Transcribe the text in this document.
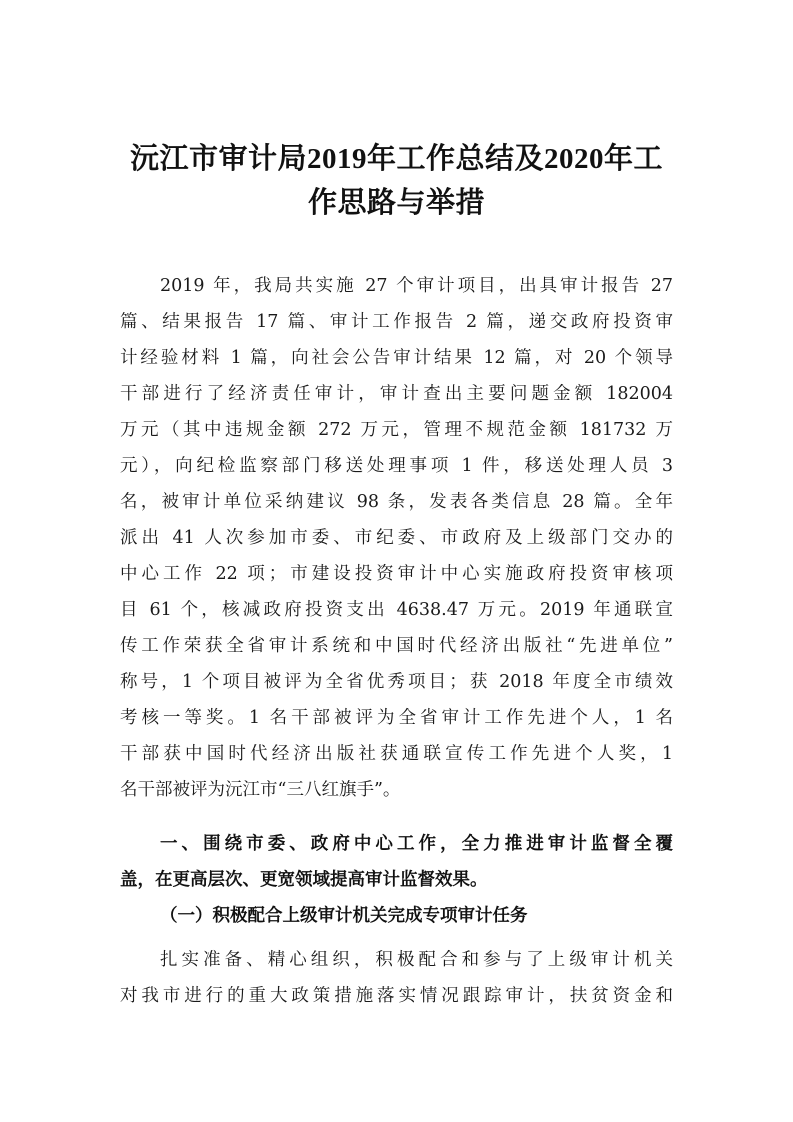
沅江市审计局2019年工作总结及2020年工
作思路与举措
2019 年，我局共实施 27 个审计项目，出具审计报告 27
篇、结果报告 17 篇、审计工作报告 2 篇，递交政府投资审
计经验材料 1 篇，向社会公告审计结果 12 篇，对 20 个领导
干部进行了经济责任审计，审计查出主要问题金额 182004
万元（其中违规金额 272 万元，管理不规范金额 181732 万
元），向纪检监察部门移送处理事项 1 件，移送处理人员 3
名，被审计单位采纳建议 98 条，发表各类信息 28 篇。全年
派出 41 人次参加市委、市纪委、市政府及上级部门交办的
中心工作 22 项；市建设投资审计中心实施政府投资审核项
目 61 个，核减政府投资支出 4638.47 万元。2019 年通联宣
传工作荣获全省审计系统和中国时代经济出版社“先进单位”
称号，1 个项目被评为全省优秀项目；获 2018 年度全市绩效
考核一等奖。1 名干部被评为全省审计工作先进个人，1 名
干部获中国时代经济出版社获通联宣传工作先进个人奖，1
名干部被评为沅江市“三八红旗手”。
一、围绕市委、政府中心工作，全力推进审计监督全覆
盖，在更高层次、更宽领域提高审计监督效果。
（一）积极配合上级审计机关完成专项审计任务
扎实准备、精心组织，积极配合和参与了上级审计机关
对我市进行的重大政策措施落实情况跟踪审计，扶贫资金和
